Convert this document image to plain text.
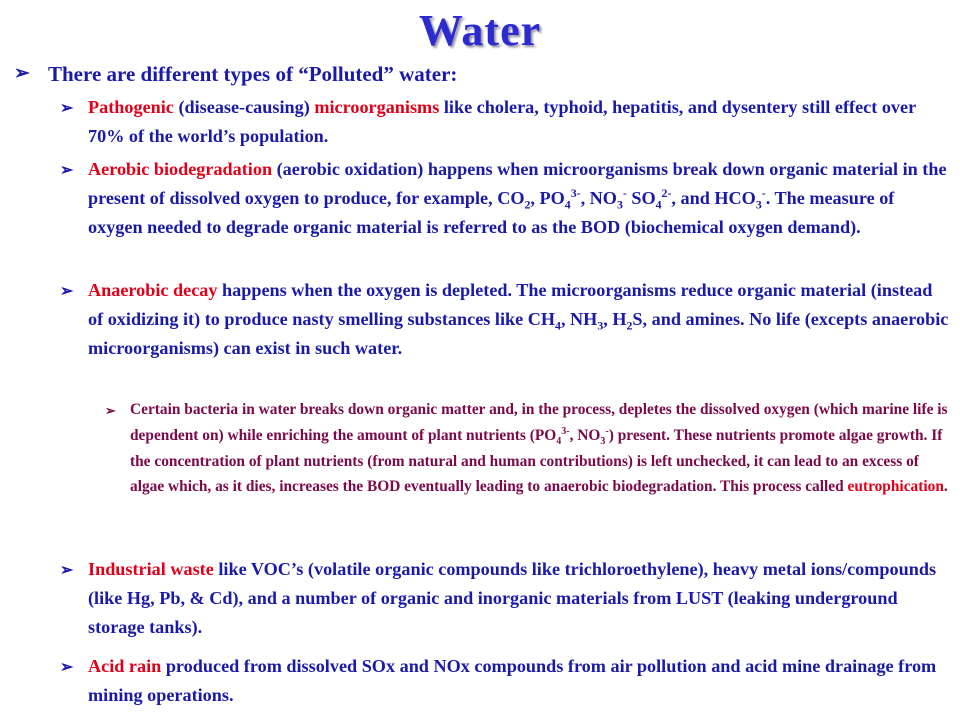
Water
➢ There are different types of “Polluted” water:
➢ Pathogenic (disease-causing) microorganisms like cholera, typhoid, hepatitis, and dysentery still effect over 70% of the world’s population.
➢ Aerobic biodegradation (aerobic oxidation) happens when microorganisms break down organic material in the present of dissolved oxygen to produce, for example, $CO_2$, $PO_4^{3-}$, $NO_3^-$ $SO_4^{2-}$, and $HCO_3^-$. The measure of oxygen needed to degrade organic material is referred to as the BOD (biochemical oxygen demand).
➢ Anaerobic decay happens when the oxygen is depleted. The microorganisms reduce organic material (instead of oxidizing it) to produce nasty smelling substances like $CH_4$, $NH_3$, $H_2S$, and amines. No life (excepts anaerobic microorganisms) can exist in such water.
➢ Certain bacteria in water breaks down organic matter and, in the process, depletes the dissolved oxygen (which marine life is dependent on) while enriching the amount of plant nutrients ($PO_4^{3-}$, $NO_3^-$) present. These nutrients promote algae growth. If the concentration of plant nutrients (from natural and human contributions) is left unchecked, it can lead to an excess of algae which, as it dies, increases the BOD eventually leading to anaerobic biodegradation. This process called eutrophication.
➢ Industrial waste like VOC’s (volatile organic compounds like trichloroethylene), heavy metal ions/compounds (like Hg, Pb, & Cd), and a number of organic and inorganic materials from LUST (leaking underground storage tanks).
➢ Acid rain produced from dissolved SOx and NOx compounds from air pollution and acid mine drainage from mining operations.
